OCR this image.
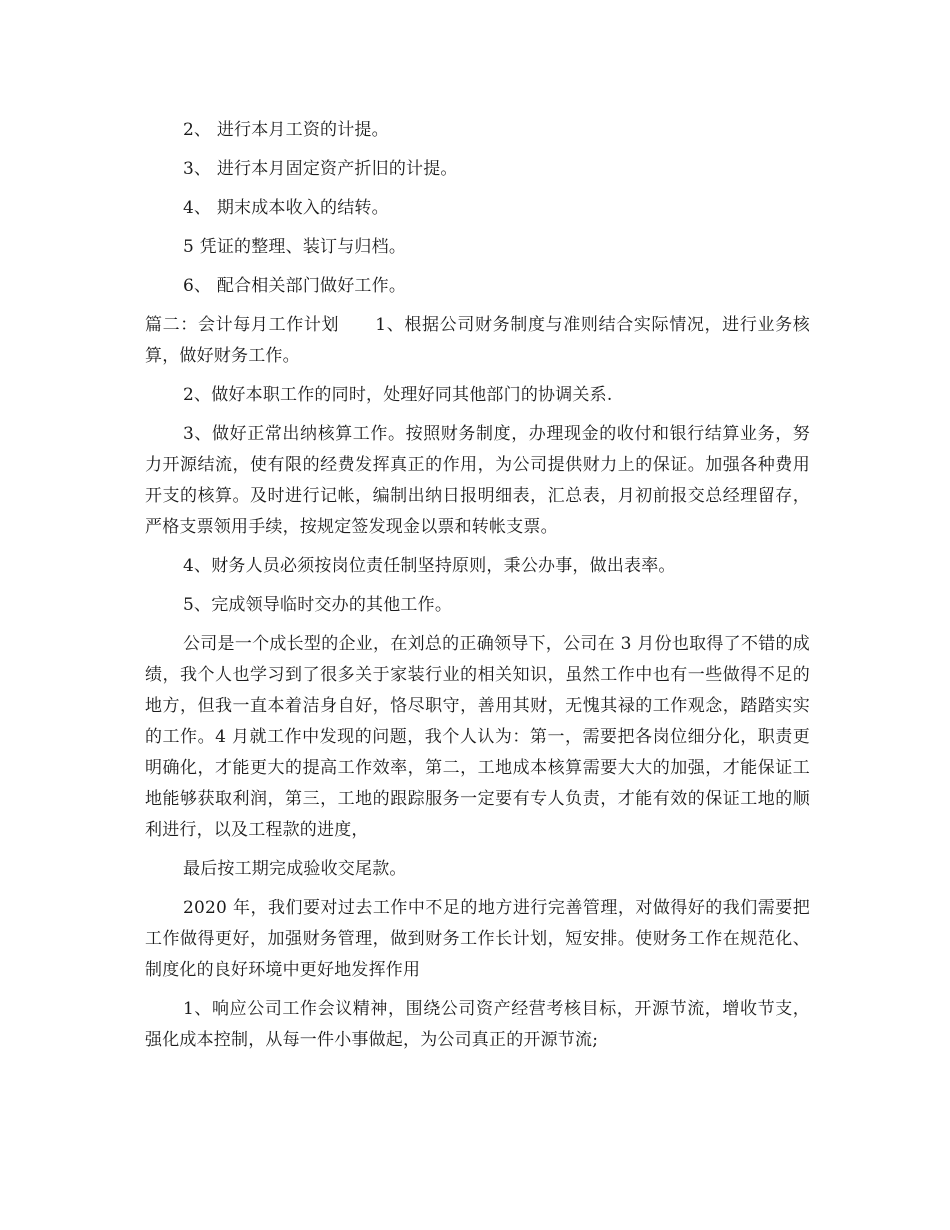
2、 进行本月工资的计提。

3、 进行本月固定资产折旧的计提。

4、 期末成本收入的结转。

5 凭证的整理、装订与归档。

6、 配合相关部门做好工作。

篇二：会计每月工作计划 1、根据公司财务制度与准则结合实际情况，进行业务核算，做好财务工作。

2、做好本职工作的同时，处理好同其他部门的协调关系.

3、做好正常出纳核算工作。按照财务制度，办理现金的收付和银行结算业务，努力开源结流，使有限的经费发挥真正的作用，为公司提供财力上的保证。加强各种费用开支的核算。及时进行记帐，编制出纳日报明细表，汇总表，月初前报交总经理留存，严格支票领用手续，按规定签发现金以票和转帐支票。

4、财务人员必须按岗位责任制坚持原则，秉公办事，做出表率。

5、完成领导临时交办的其他工作。

公司是一个成长型的企业，在刘总的正确领导下，公司在 3 月份也取得了不错的成绩，我个人也学习到了很多关于家装行业的相关知识，虽然工作中也有一些做得不足的地方，但我一直本着洁身自好，恪尽职守，善用其财，无愧其禄的工作观念，踏踏实实的工作。4 月就工作中发现的问题，我个人认为：第一，需要把各岗位细分化，职责更明确化，才能更大的提高工作效率，第二，工地成本核算需要大大的加强，才能保证工地能够获取利润，第三，工地的跟踪服务一定要有专人负责，才能有效的保证工地的顺利进行，以及工程款的进度，

最后按工期完成验收交尾款。

2020 年，我们要对过去工作中不足的地方进行完善管理，对做得好的我们需要把工作做得更好，加强财务管理，做到财务工作长计划，短安排。使财务工作在规范化、制度化的良好环境中更好地发挥作用

1、响应公司工作会议精神，围绕公司资产经营考核目标，开源节流，增收节支，强化成本控制，从每一件小事做起，为公司真正的开源节流;
